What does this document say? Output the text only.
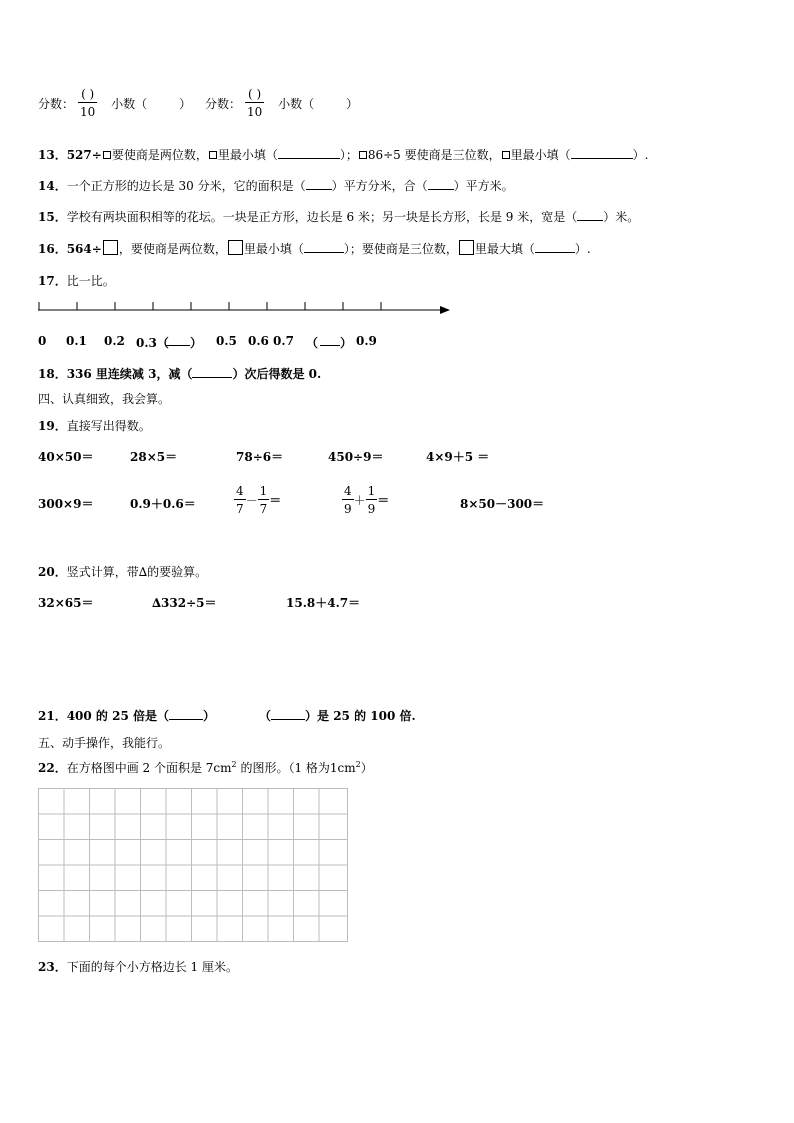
分数： $\frac{( )}{10}$ 小数（	） 分数： $\frac{( )}{10}$ 小数（	）
13．527÷ 要使商是两位数， 里最小填（	）； 86÷5 要使商是三位数， 里最小填（	）.
14．一个正方形的边长是 30 分米，它的面积是（ ）平方分米，合（ ）平方米。
15．学校有两块面积相等的花坛。一块是正方形，边长是 6 米；另一块是长方形，长是 9 米，宽是（ ）米。
16．564÷ ，要使商是两位数， 里最小填（	）；要使商是三位数， 里最大填（	）.
17．比一比。
0 0.1 0.2 0.3（ ） 0.5 0.6 0.7 （ ） 0.9
18．336 里连续减 3，减（	）次后得数是 0.
四、认真细致，我会算。
19．直接写出得数。
40×50＝	28×5＝	78÷6＝	450÷9＝	4×9＋5 ＝
300×9＝	0.9＋0.6＝	$\frac{4}{7} - \frac{1}{7}$ ＝	$\frac{4}{9} + \frac{1}{9}$ ＝	8×50－300＝
20．竖式计算，带∆的要验算。
32×65＝	∆332÷5＝	15.8＋4.7＝
21．400 的 25 倍是（	）	（	）是 25 的 100 倍.
五、动手操作，我能行。
22．在方格图中画 2 个面积是 $7cm^2$ 的图形。（1 格为$1cm^2$）
23．下面的每个小方格边长 1 厘米。
